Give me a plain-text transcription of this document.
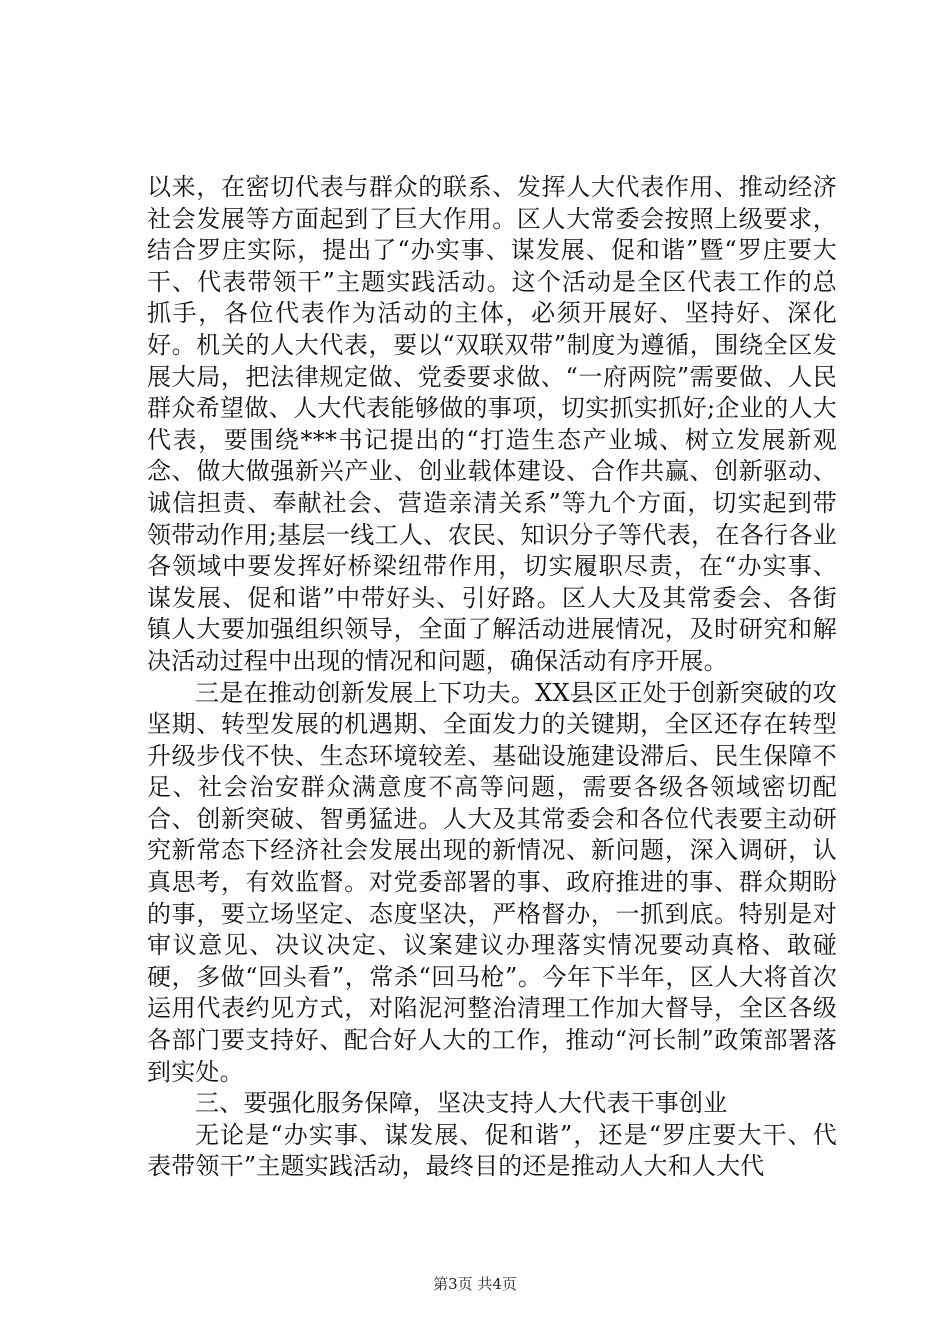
以来，在密切代表与群众的联系、发挥人大代表作用、推动经济社会发展等方面起到了巨大作用。区人大常委会按照上级要求，结合罗庄实际，提出了“办实事、谋发展、促和谐”暨“罗庄要大干、代表带领干”主题实践活动。这个活动是全区代表工作的总抓手，各位代表作为活动的主体，必须开展好、坚持好、深化好。机关的人大代表，要以“双联双带”制度为遵循，围绕全区发展大局，把法律规定做、党委要求做、“一府两院”需要做、人民群众希望做、人大代表能够做的事项，切实抓实抓好;企业的人大代表，要围绕***书记提出的“打造生态产业城、树立发展新观念、做大做强新兴产业、创业载体建设、合作共赢、创新驱动、诚信担责、奉献社会、营造亲清关系”等九个方面，切实起到带领带动作用;基层一线工人、农民、知识分子等代表，在各行各业各领域中要发挥好桥梁纽带作用，切实履职尽责，在“办实事、谋发展、促和谐”中带好头、引好路。区人大及其常委会、各街镇人大要加强组织领导，全面了解活动进展情况，及时研究和解决活动过程中出现的情况和问题，确保活动有序开展。

三是在推动创新发展上下功夫。XX县区正处于创新突破的攻坚期、转型发展的机遇期、全面发力的关键期，全区还存在转型升级步伐不快、生态环境较差、基础设施建设滞后、民生保障不足、社会治安群众满意度不高等问题，需要各级各领域密切配合、创新突破、智勇猛进。人大及其常委会和各位代表要主动研究新常态下经济社会发展出现的新情况、新问题，深入调研，认真思考，有效监督。对党委部署的事、政府推进的事、群众期盼的事，要立场坚定、态度坚决，严格督办，一抓到底。特别是对审议意见、决议决定、议案建议办理落实情况要动真格、敢碰硬，多做“回头看”，常杀“回马枪”。今年下半年，区人大将首次运用代表约见方式，对陷泥河整治清理工作加大督导，全区各级各部门要支持好、配合好人大的工作，推动“河长制”政策部署落到实处。

三、要强化服务保障，坚决支持人大代表干事创业

无论是“办实事、谋发展、促和谐”，还是“罗庄要大干、代表带领干”主题实践活动，最终目的还是推动人大和人大代

第3页 共4页
